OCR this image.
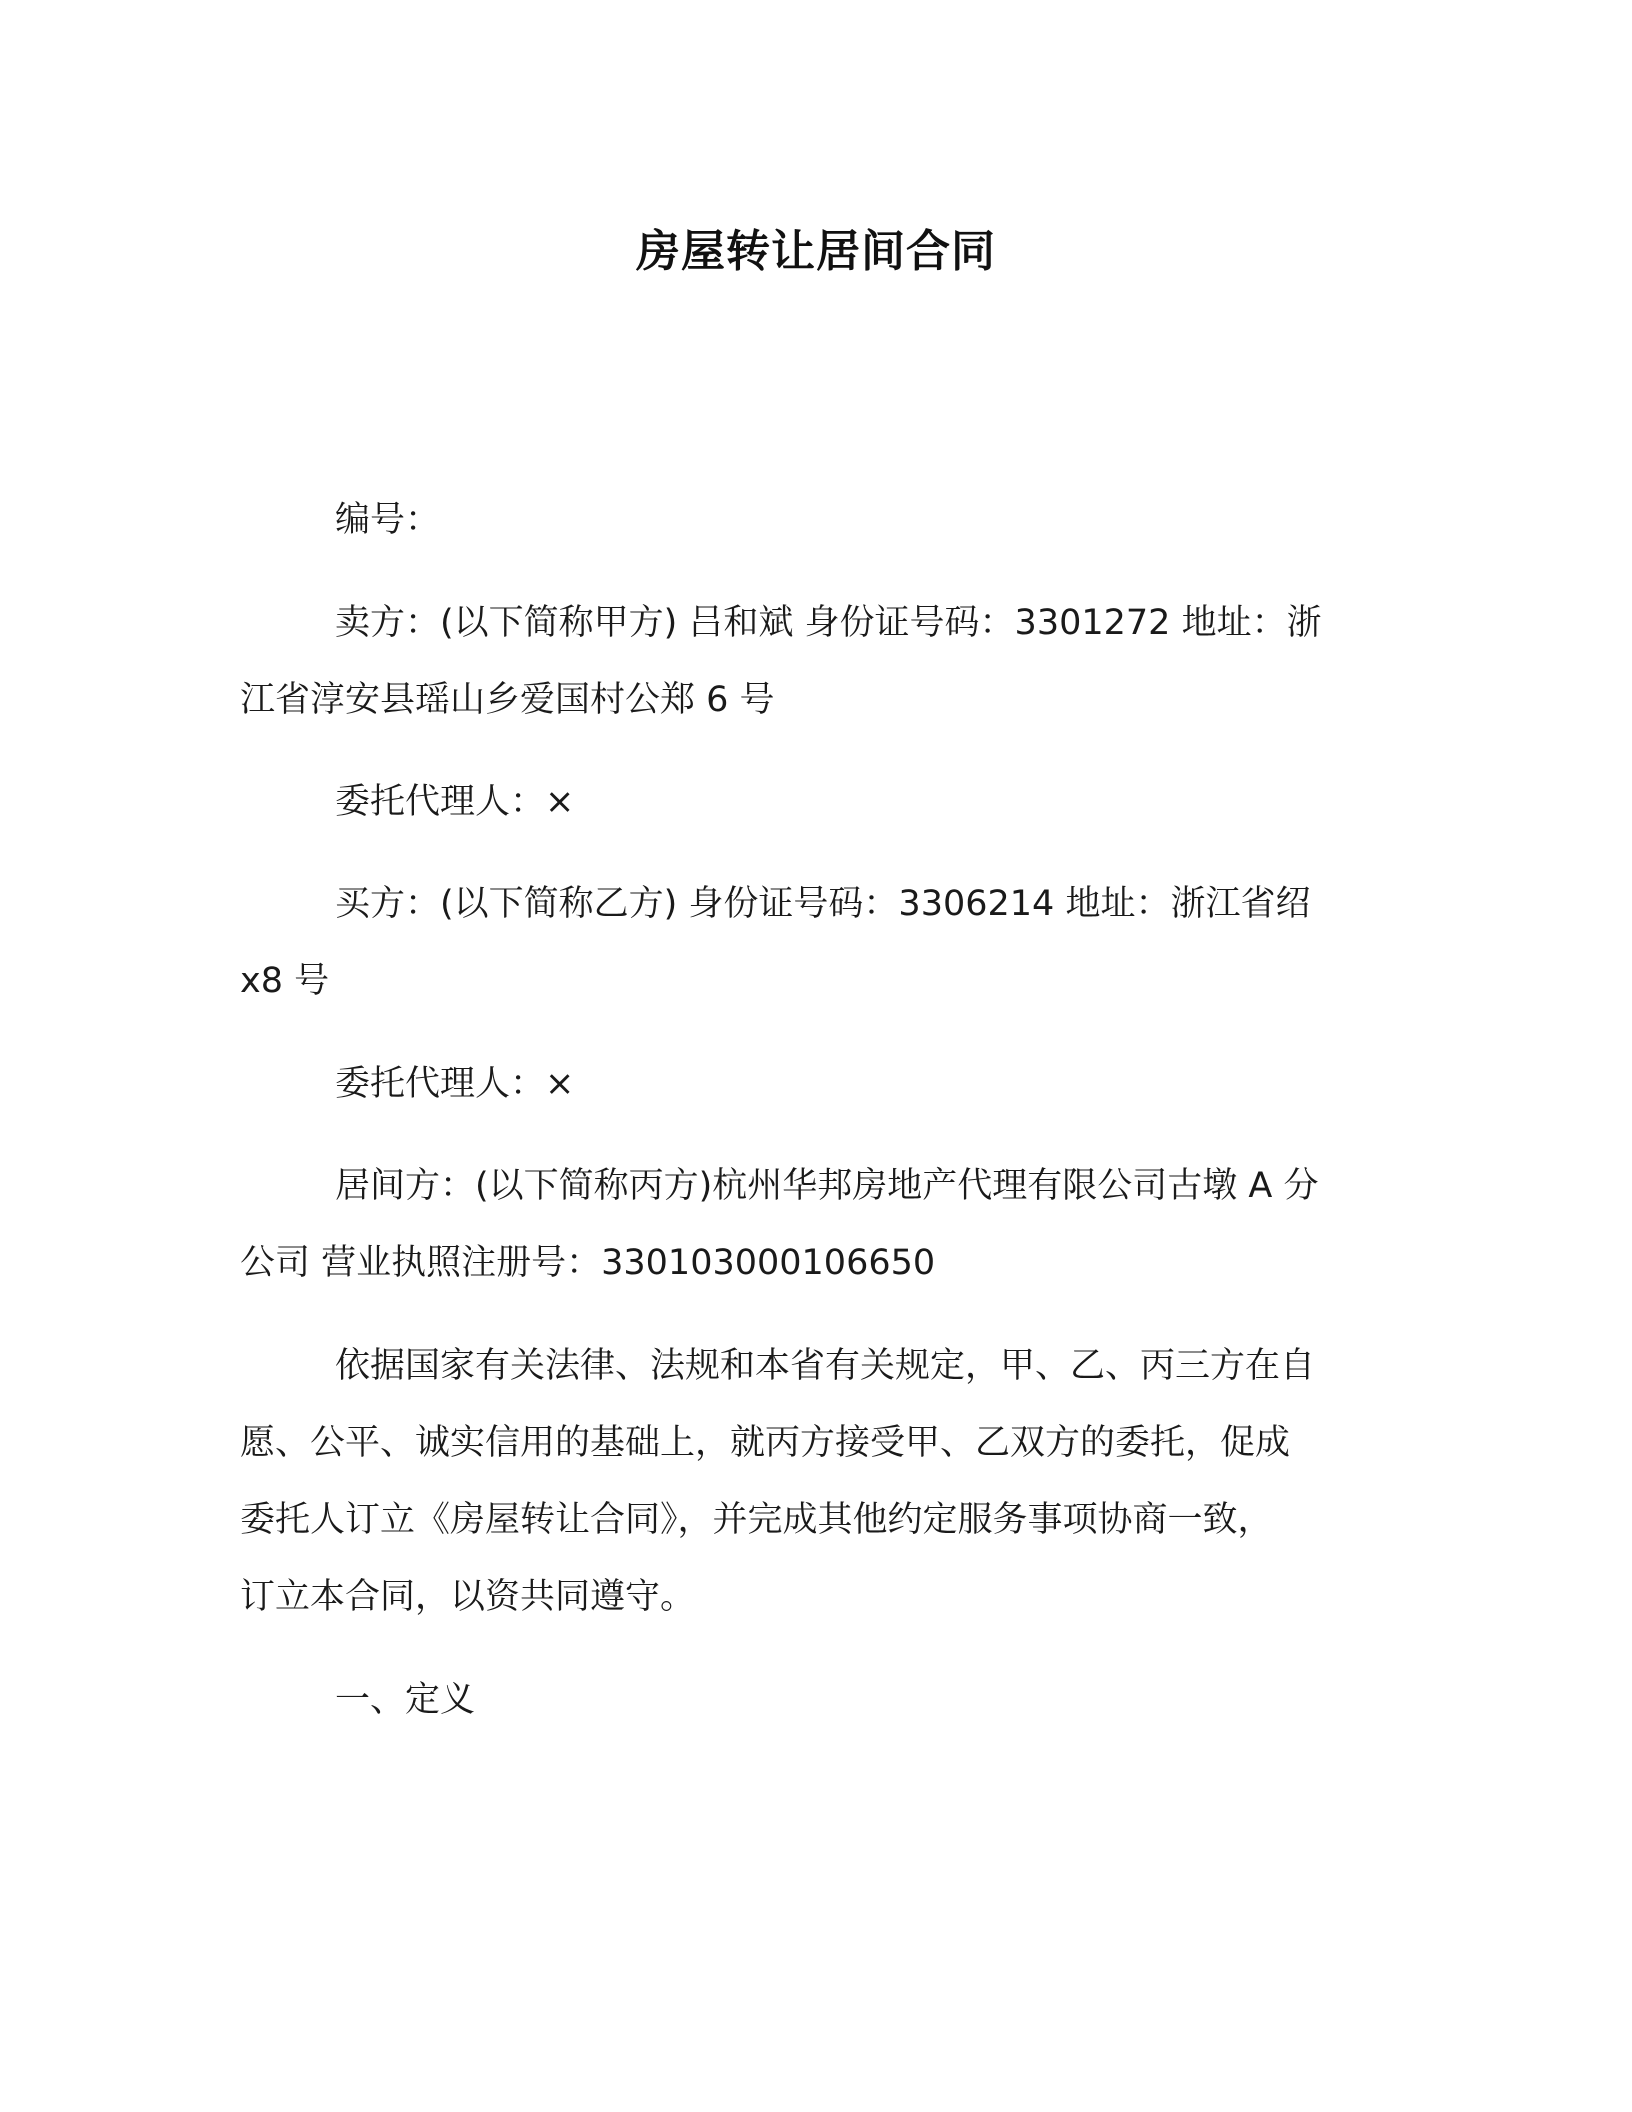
房屋转让居间合同
编号：
卖方：(以下简称甲方) 吕和斌 身份证号码：3301272 地址：浙
江省淳安县瑶山乡爱国村公郑 6 号
委托代理人：×
买方：(以下简称乙方) 身份证号码：3306214 地址：浙江省绍
x8 号
委托代理人：×
居间方：(以下简称丙方)杭州华邦房地产代理有限公司古墩 A 分
公司 营业执照注册号：330103000106650
依据国家有关法律、法规和本省有关规定，甲、乙、丙三方在自
愿、公平、诚实信用的基础上，就丙方接受甲、乙双方的委托，促成
委托人订立《房屋转让合同》，并完成其他约定服务事项协商一致，
订立本合同，以资共同遵守。
一、定义
